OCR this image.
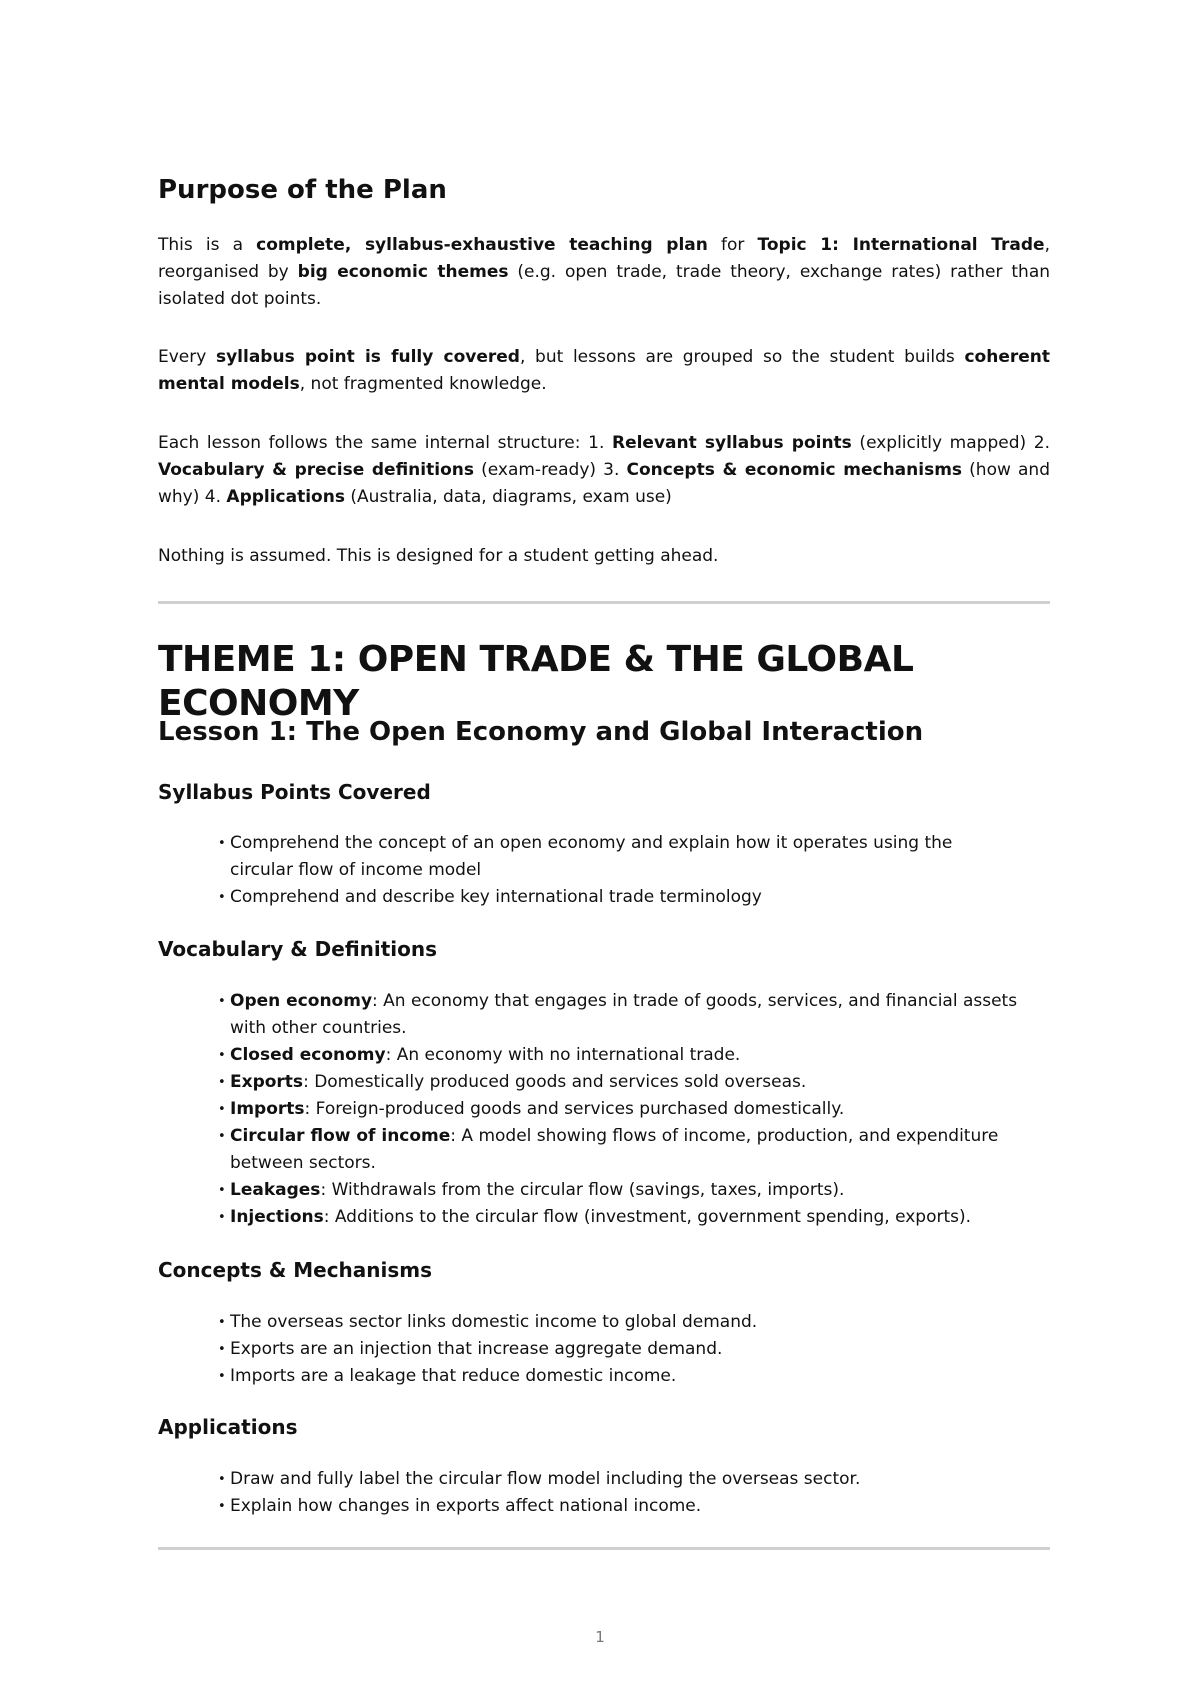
Purpose of the Plan

This is a complete, syllabus-exhaustive teaching plan for Topic 1: International Trade, reorganised by big economic themes (e.g. open trade, trade theory, exchange rates) rather than isolated dot points.

Every syllabus point is fully covered, but lessons are grouped so the student builds coherent mental models, not fragmented knowledge.

Each lesson follows the same internal structure: 1. Relevant syllabus points (explicitly mapped) 2. Vocabulary & precise definitions (exam-ready) 3. Concepts & economic mechanisms (how and why) 4. Applications (Australia, data, diagrams, exam use)

Nothing is assumed. This is designed for a student getting ahead.

THEME 1: OPEN TRADE & THE GLOBAL ECONOMY
Lesson 1: The Open Economy and Global Interaction
Syllabus Points Covered
• Comprehend the concept of an open economy and explain how it operates using the circular flow of income model
• Comprehend and describe key international trade terminology
Vocabulary & Definitions
• Open economy: An economy that engages in trade of goods, services, and financial assets with other countries.
• Closed economy: An economy with no international trade.
• Exports: Domestically produced goods and services sold overseas.
• Imports: Foreign-produced goods and services purchased domestically.
• Circular flow of income: A model showing flows of income, production, and expenditure between sectors.
• Leakages: Withdrawals from the circular flow (savings, taxes, imports).
• Injections: Additions to the circular flow (investment, government spending, exports).
Concepts & Mechanisms
• The overseas sector links domestic income to global demand.
• Exports are an injection that increase aggregate demand.
• Imports are a leakage that reduce domestic income.
Applications
• Draw and fully label the circular flow model including the overseas sector.
• Explain how changes in exports affect national income.
1
